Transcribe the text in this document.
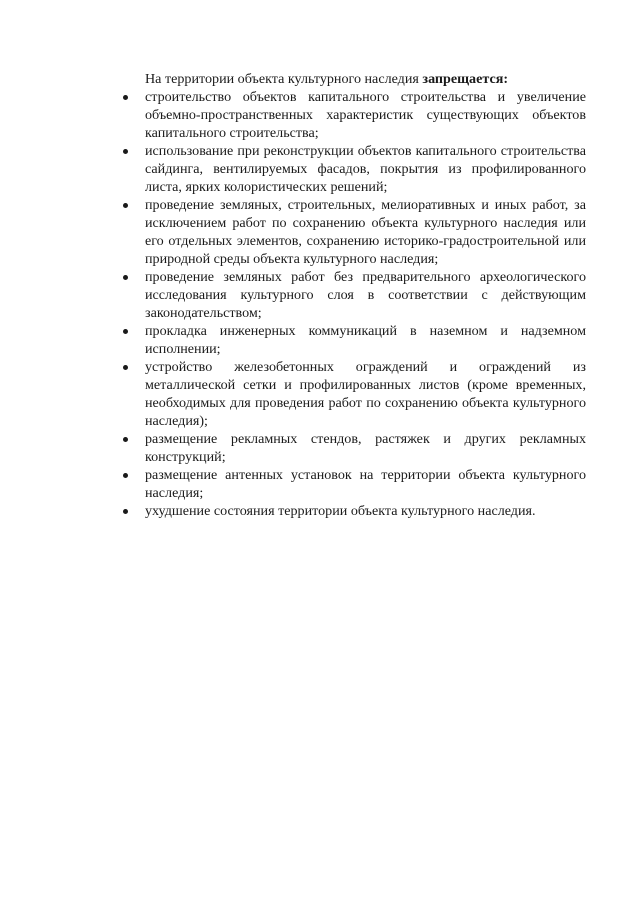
На территории объекта культурного наследия запрещается:

строительство объектов капитального строительства и увеличение объемно-пространственных характеристик существующих объектов капитального строительства;
использование при реконструкции объектов капитального строительства сайдинга, вентилируемых фасадов, покрытия из профилированного листа, ярких колористических решений;
проведение земляных, строительных, мелиоративных и иных работ, за исключением работ по сохранению объекта культурного наследия или его отдельных элементов, сохранению историко-градостроительной или природной среды объекта культурного наследия;
проведение земляных работ без предварительного археологического исследования культурного слоя в соответствии с действующим законодательством;
прокладка инженерных коммуникаций в наземном и надземном исполнении;
устройство железобетонных ограждений и ограждений из металлической сетки и профилированных листов (кроме временных, необходимых для проведения работ по сохранению объекта культурного наследия);
размещение рекламных стендов, растяжек и других рекламных конструкций;
размещение антенных установок на территории объекта культурного наследия;
ухудшение состояния территории объекта культурного наследия.
